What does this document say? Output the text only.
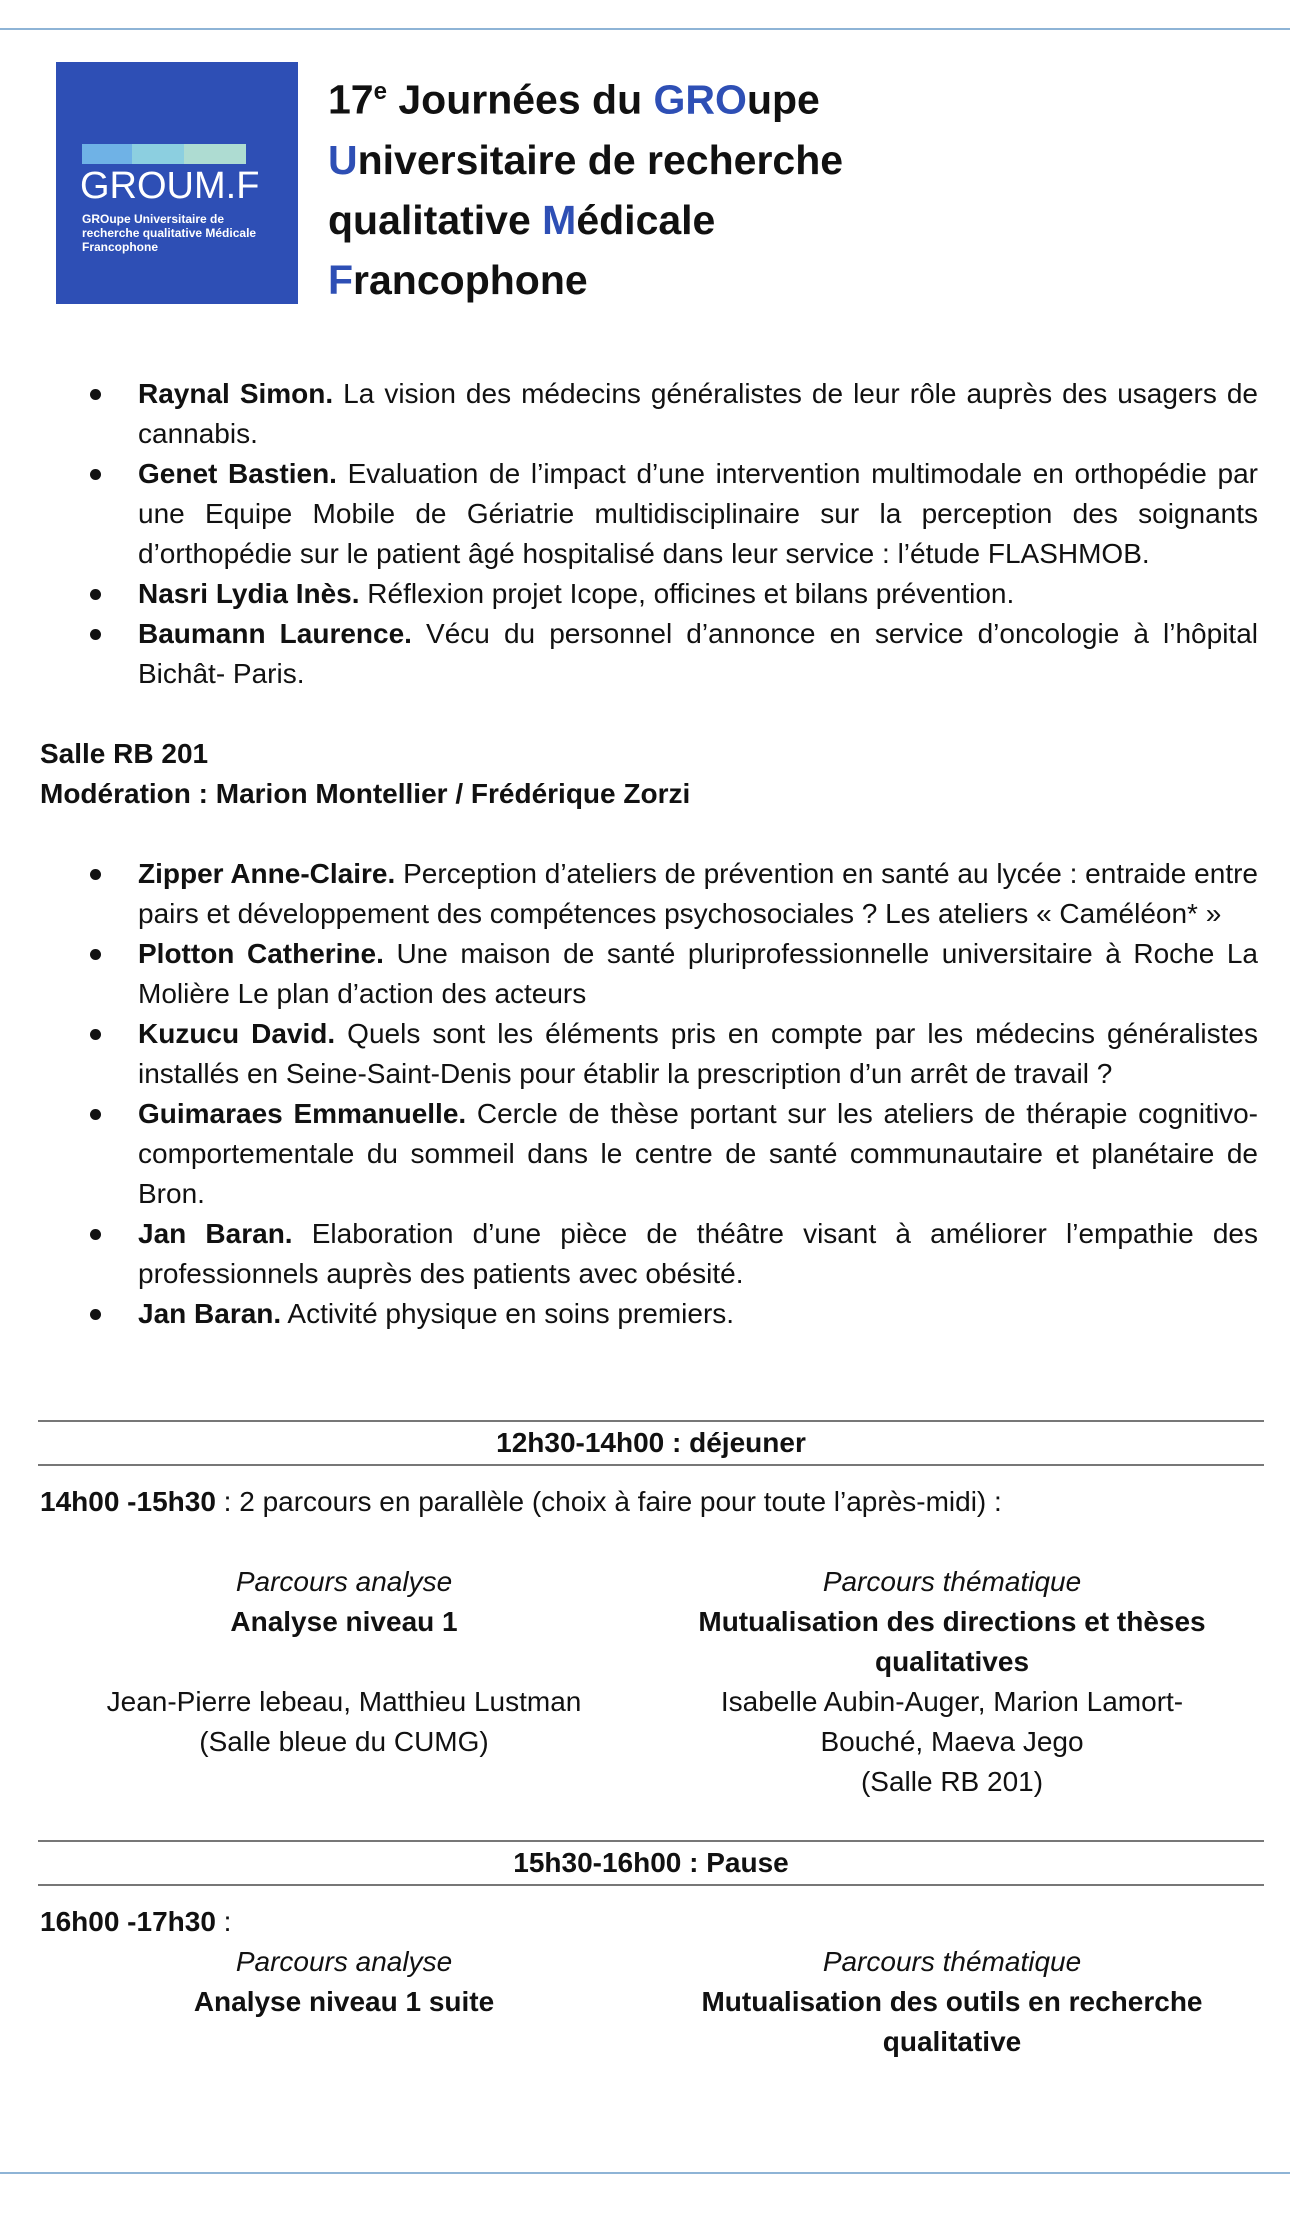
GROUM.F
GROupe Universitaire de
recherche qualitative Médicale
Francophone
17e Journées du GROupe
Universitaire de recherche
qualitative Médicale
Francophone
Raynal Simon. La vision des médecins généralistes de leur rôle auprès des usagers de cannabis.
Genet Bastien. Evaluation de l’impact d’une intervention multimodale en orthopédie par une Equipe Mobile de Gériatrie multidisciplinaire sur la perception des soignants d’orthopédie sur le patient âgé hospitalisé dans leur service : l’étude FLASHMOB.
Nasri Lydia Inès. Réflexion projet Icope, officines et bilans prévention.
Baumann Laurence. Vécu du personnel d’annonce en service d’oncologie à l’hôpital Bichât- Paris.
Salle RB 201
Modération : Marion Montellier / Frédérique Zorzi
Zipper Anne-Claire. Perception d’ateliers de prévention en santé au lycée : entraide entre pairs et développement des compétences psychosociales ? Les ateliers « Caméléon* »
Plotton Catherine. Une maison de santé pluriprofessionnelle universitaire à Roche La Molière Le plan d’action des acteurs
Kuzucu David. Quels sont les éléments pris en compte par les médecins généralistes installés en Seine-Saint-Denis pour établir la prescription d’un arrêt de travail ?
Guimaraes Emmanuelle. Cercle de thèse portant sur les ateliers de thérapie cognitivo-comportementale du sommeil dans le centre de santé communautaire et planétaire de Bron.
Jan Baran. Elaboration d’une pièce de théâtre visant à améliorer l’empathie des professionnels auprès des patients avec obésité.
Jan Baran. Activité physique en soins premiers.
12h30-14h00 : déjeuner
14h00 -15h30 : 2 parcours en parallèle (choix à faire pour toute l’après-midi) :
Parcours analyse
Analyse niveau 1
Jean-Pierre lebeau, Matthieu Lustman
(Salle bleue du CUMG)
Parcours thématique
Mutualisation des directions et thèses qualitatives
Isabelle Aubin-Auger, Marion Lamort-Bouché, Maeva Jego
(Salle RB 201)
15h30-16h00 : Pause
16h00 -17h30 :
Parcours analyse
Analyse niveau 1 suite
Parcours thématique
Mutualisation des outils en recherche qualitative
